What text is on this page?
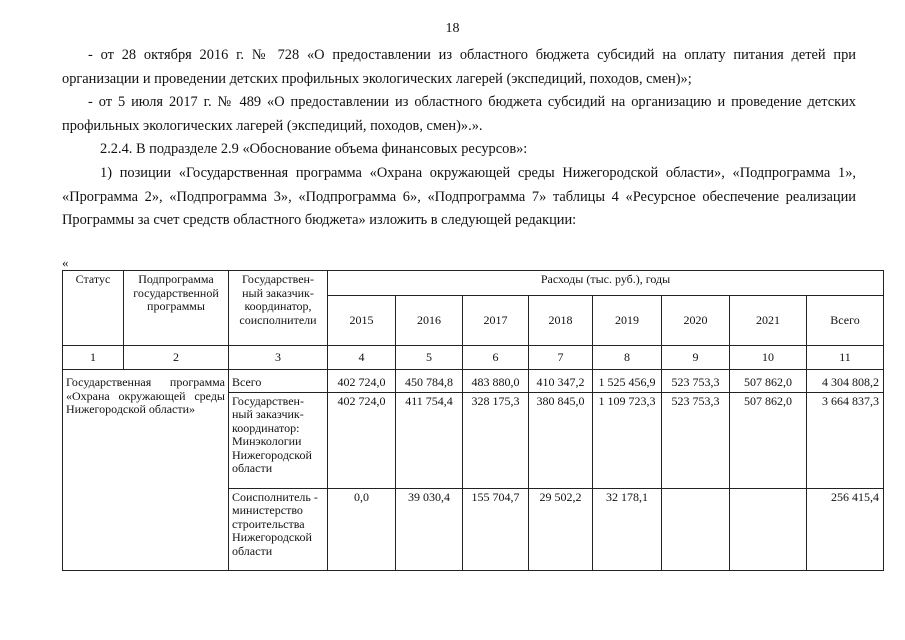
18

- от 28 октября 2016 г. № 728 «О предоставлении из областного бюджета субсидий на оплату питания детей при организации и проведении детских профильных экологических лагерей (экспедиций, походов, смен)»;

- от 5 июля 2017 г. № 489 «О предоставлении из областного бюджета субсидий на организацию и проведение детских профильных экологических лагерей (экспедиций, походов, смен)».».

2.2.4. В подразделе 2.9 «Обоснование объема финансовых ресурсов»:

1) позиции «Государственная программа «Охрана окружающей среды Нижегородской области», «Подпрограмма 1», «Программа 2», «Подпрограмма 3», «Подпрограмма 6», «Подпрограмма 7» таблицы 4 «Ресурсное обеспечение реализации Программы за счет средств областного бюджета» изложить в следующей редакции:

«
Статус	Подпрограмма государственной программы	Государствен-ный заказчик-координатор, соисполнители	Расходы (тыс. руб.), годы							
			2015	2016	2017	2018	2019	2020	2021	Всего
1	2	3	4	5	6	7	8	9	10	11
Государственная программа «Охрана окружающей среды Нижегородской области»		Всего	402 724,0	450 784,8	483 880,0	410 347,2	1 525 456,9	523 753,3	507 862,0	4 304 808,2
		Государствен-ный заказчик-координатор: Минэкологии Нижегородской области	402 724,0	411 754,4	328 175,3	380 845,0	1 109 723,3	523 753,3	507 862,0	3 664 837,3
		Соисполнитель - министерство строительства Нижегородской области	0,0	39 030,4	155 704,7	29 502,2	32 178,1			256 415,4
